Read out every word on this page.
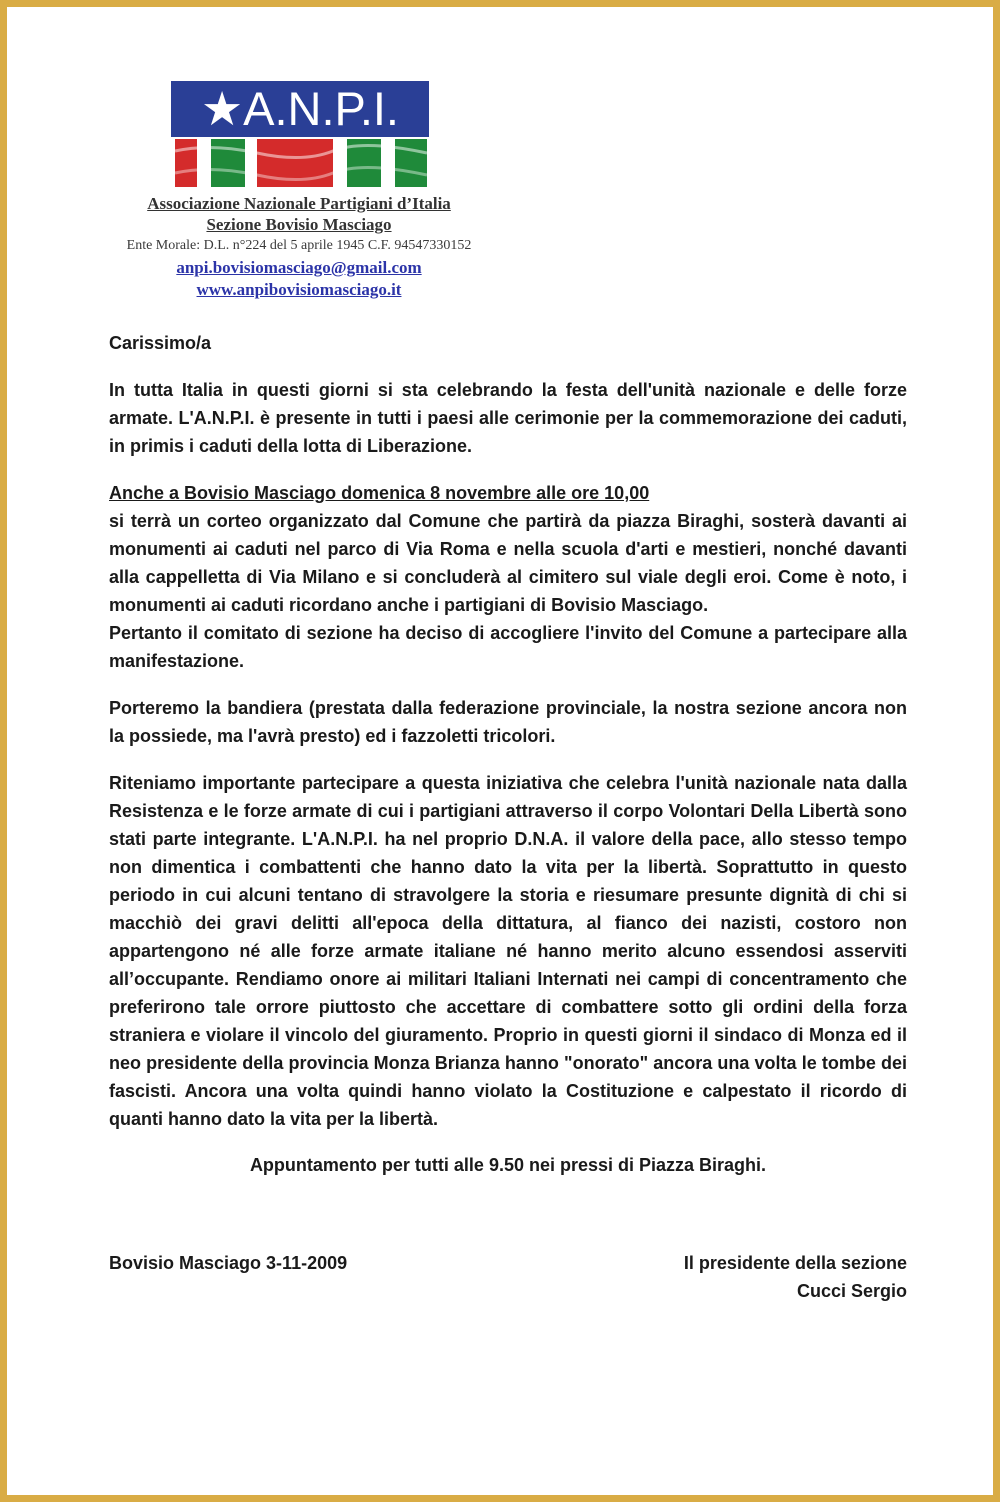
★A.N.P.I.
Associazione Nazionale Partigiani d’Italia
Sezione Bovisio Masciago
Ente Morale: D.L. n°224 del 5 aprile 1945 C.F. 94547330152
anpi.bovisiomasciago@gmail.com
www.anpibovisiomasciago.it

Carissimo/a

In tutta Italia in questi giorni si sta celebrando la festa dell'unità nazionale e delle forze armate. L'A.N.P.I. è presente in tutti i paesi alle cerimonie per la commemorazione dei caduti, in primis i caduti della lotta di Liberazione.

Anche a Bovisio Masciago domenica 8 novembre alle ore 10,00

si terrà un corteo organizzato dal Comune che partirà da piazza Biraghi, sosterà davanti ai monumenti ai caduti nel parco di Via Roma e nella scuola d'arti e mestieri, nonché davanti alla cappelletta di Via Milano e si concluderà al cimitero sul viale degli eroi. Come è noto, i monumenti ai caduti ricordano anche i partigiani di Bovisio Masciago.

Pertanto il comitato di sezione ha deciso di accogliere l'invito del Comune a partecipare alla manifestazione.

Porteremo la bandiera (prestata dalla federazione provinciale, la nostra sezione ancora non la possiede, ma l'avrà presto) ed i fazzoletti tricolori.

Riteniamo importante partecipare a questa iniziativa che celebra l'unità nazionale nata dalla Resistenza e le forze armate di cui i partigiani attraverso il corpo Volontari Della Libertà sono stati parte integrante. L'A.N.P.I. ha nel proprio D.N.A. il valore della pace, allo stesso tempo non dimentica i combattenti che hanno dato la vita per la libertà. Soprattutto in questo periodo in cui alcuni tentano di stravolgere la storia e riesumare presunte dignità di chi si macchiò dei gravi delitti all'epoca della dittatura, al fianco dei nazisti, costoro non appartengono né alle forze armate italiane né hanno merito alcuno essendosi asserviti all’occupante. Rendiamo onore ai militari Italiani Internati nei campi di concentramento che preferirono tale orrore piuttosto che accettare di combattere sotto gli ordini della forza straniera e violare il vincolo del giuramento. Proprio in questi giorni il sindaco di Monza ed il neo presidente della provincia Monza Brianza hanno "onorato" ancora una volta le tombe dei fascisti. Ancora una volta quindi hanno violato la Costituzione e calpestato il ricordo di quanti hanno dato la vita per la libertà.

Appuntamento per tutti alle 9.50 nei pressi di Piazza Biraghi.

Bovisio Masciago 3-11-2009	Il presidente della sezione
Cucci Sergio
